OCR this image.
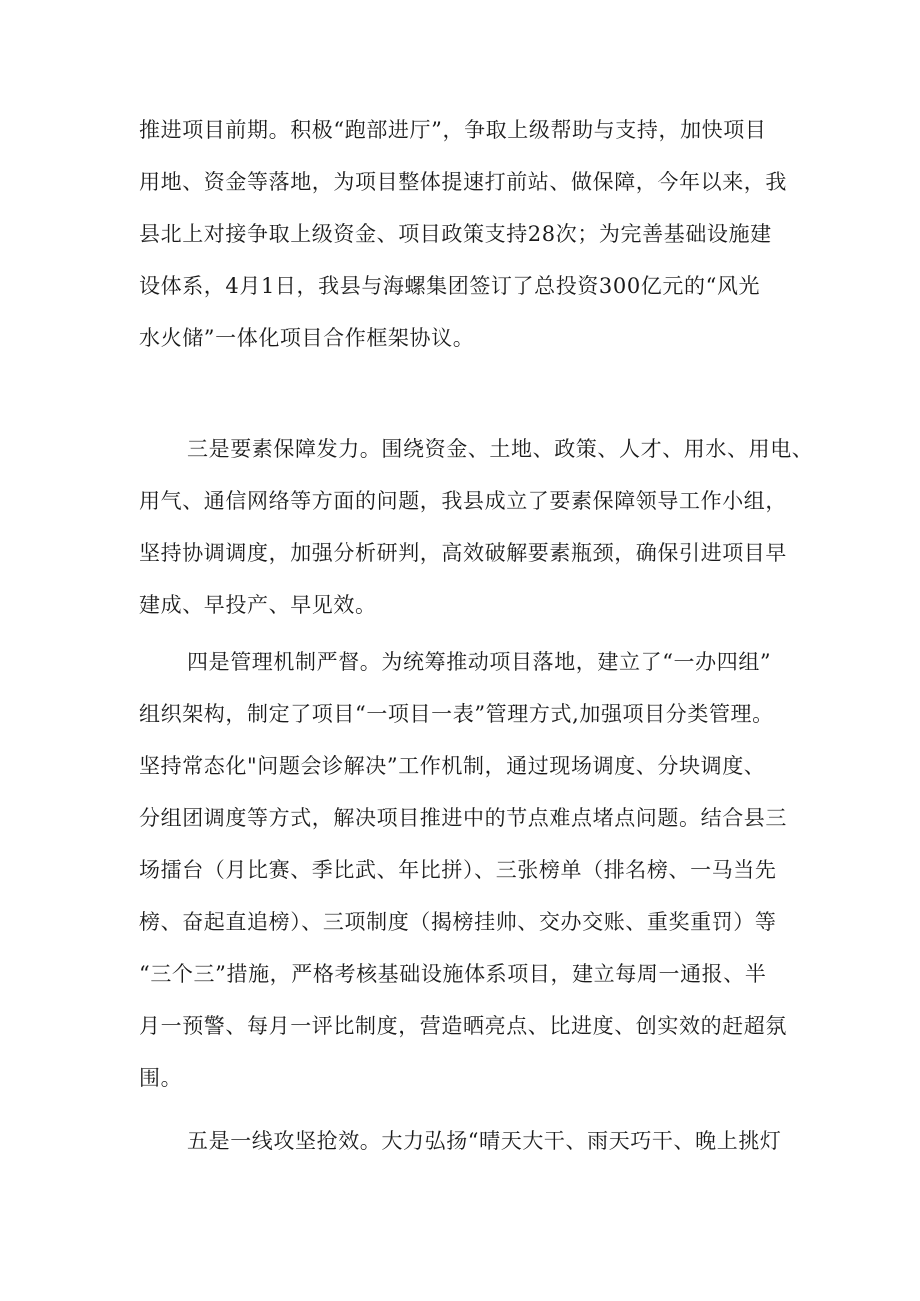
推进项目前期。积极“跑部进厅”，争取上级帮助与支持，加快项目
用地、资金等落地，为项目整体提速打前站、做保障，今年以来，我
县北上对接争取上级资金、项目政策支持28次；为完善基础设施建
设体系，4月1日，我县与海螺集团签订了总投资300亿元的“风光
水火储”一体化项目合作框架协议。
三是要素保障发力。围绕资金、土地、政策、人才、用水、用电、
用气、通信网络等方面的问题，我县成立了要素保障领导工作小组，
坚持协调调度，加强分析研判，高效破解要素瓶颈，确保引进项目早
建成、早投产、早见效。
四是管理机制严督。为统筹推动项目落地，建立了“一办四组”
组织架构，制定了项目“一项目一表”管理方式,加强项目分类管理。
坚持常态化"问题会诊解决”工作机制，通过现场调度、分块调度、
分组团调度等方式，解决项目推进中的节点难点堵点问题。结合县三
场擂台（月比赛、季比武、年比拼）、三张榜单（排名榜、一马当先
榜、奋起直追榜）、三项制度（揭榜挂帅、交办交账、重奖重罚）等
“三个三”措施，严格考核基础设施体系项目，建立每周一通报、半
月一预警、每月一评比制度，营造晒亮点、比进度、创实效的赶超氛
围。
五是一线攻坚抢效。大力弘扬“晴天大干、雨天巧干、晚上挑灯
